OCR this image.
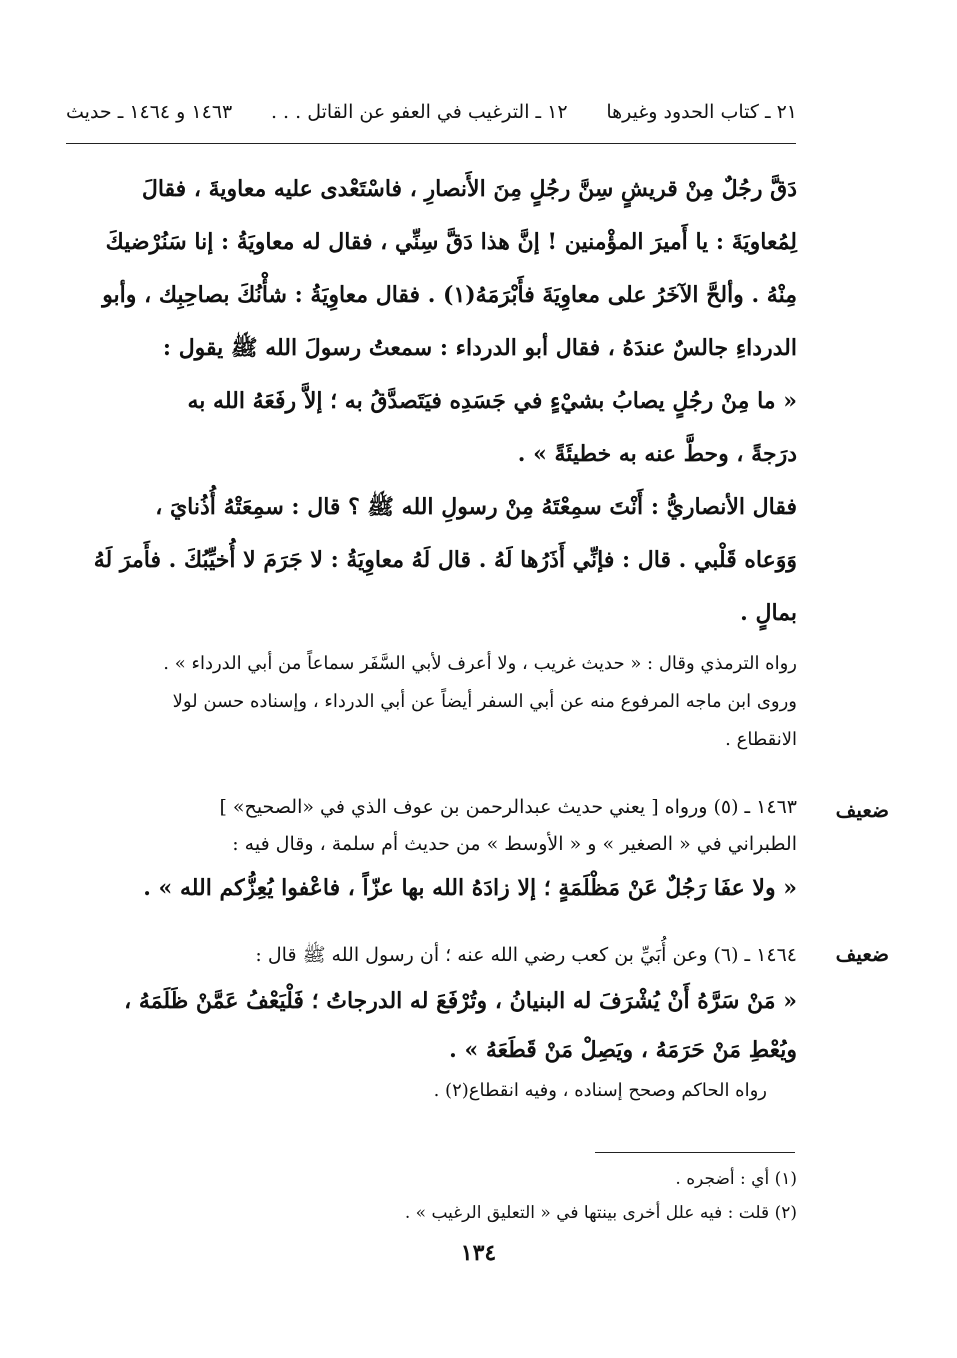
٢١ ـ كتاب الحدود وغيرها
١٢ ـ الترغيب في العفو عن القاتل . . .
١٤٦٣ و ١٤٦٤ ـ حديث

دَقَّ رجُلٌ مِنْ قريشٍ سِنَّ رجُلٍ مِنَ الأَنصارِ ، فاسْتَعْدى عليه معاويةَ ، فقالَ

لِمُعاويَةَ : يا أَميرَ المؤْمنين ! إنَّ هذا دَقَّ سِنِّي ، فقال له معاويَةُ : إنا سَنُرْضيكَ

مِنْهُ . وألحَّ الآخَرُ على معاوِيَةَ فأَبْرَمَهُ(١) . فقال معاوِيَةُ : شأْنُكَ بصاحِبِك ، وأبو

الدرداءِ جالسٌ عندَهُ ، فقال أبو الدرداء : سمعتُ رسولَ الله ﷺ يقول :

« ما مِنْ رجُلٍ يصابُ بشيْءٍ في جَسَدِه فيَتَصدَّقُ به ؛ إلاَّ رفَعَهُ الله به

درَجةً ، وحطَّ عنه به خطيئَةً » .

فقال الأنصاريُّ : أَنْتَ سمِعْتَهُ مِنْ رسولِ الله ﷺ ؟ قال : سمِعَتْهُ أُذُنايَ ،

وَوَعاه قَلْبي . قال : فإنِّي أَذَرُها لَهُ . قال لَهُ معاوِيَةُ : لا جَرَمَ لا أُخيِّبُكَ . فأَمرَ لَهُ

بمالٍ .

رواه الترمذي وقال : « حديث غريب ، ولا أعرف لأبي السَّفَر سماعاً من أبي الدرداء » .

وروى ابن ماجه المرفوع منه عن أبي السفر أيضاً عن أبي الدرداء ، وإسناده حسن لولا

الانقطاع .

ضعيف

١٤٦٣ ـ (٥) ورواه [ يعني حديث عبدالرحمن بن عوف الذي في «الصحيح» ]

الطبراني في « الصغير » و « الأوسط » من حديث أم سلمة ، وقال فيه :

« ولا عفَا رَجُلٌ عَنْ مَظْلَمَةٍ ؛ إلا زادَهُ الله بها عزّاً ، فاعْفوا يُعِزُّكم الله » .

ضعيف

١٤٦٤ ـ (٦) وعن أُبَيِّ بن كعب رضي الله عنه ؛ أن رسول الله ﷺ قال :

« مَنْ سَرَّهُ أَنْ يُشْرَفَ له البنيانُ ، وتُرْفَعَ له الدرجاتُ ؛ فَلْيَعْفُ عَمَّنْ ظَلَمَهُ ،

ويُعْطِ مَنْ حَرَمَهُ ، ويَصِلْ مَنْ قَطَعَهُ » .

رواه الحاكم وصحح إسناده ، وفيه انقطاع(٢) .

(١) أي : أضجره .
(٢) قلت : فيه علل أخرى بينتها في « التعليق الرغيب » .
١٣٤
